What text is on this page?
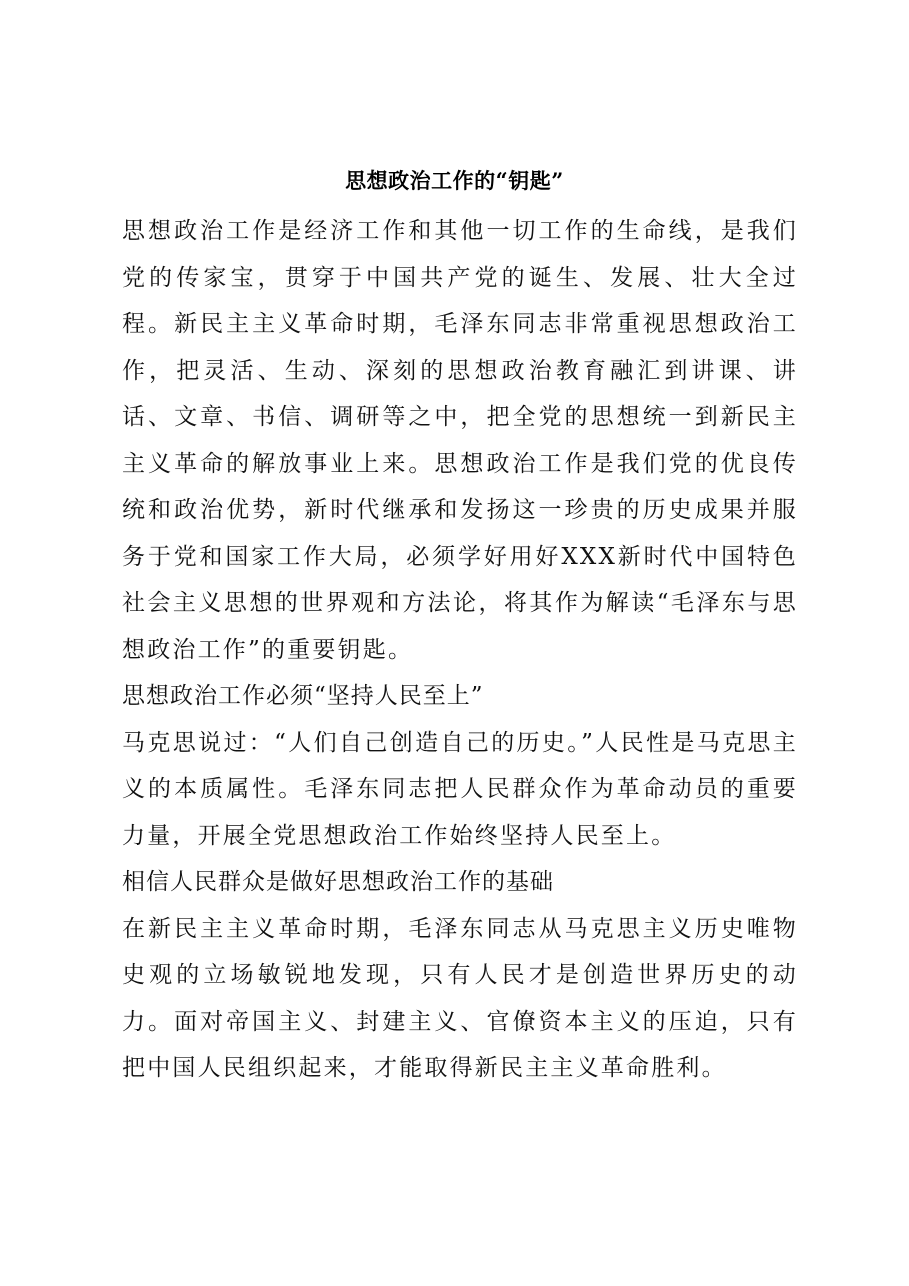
思想政治工作的“钥匙”

思想政治工作是经济工作和其他一切工作的生命线，是我们党的传家宝，贯穿于中国共产党的诞生、发展、壮大全过程。新民主主义革命时期，毛泽东同志非常重视思想政治工作，把灵活、生动、深刻的思想政治教育融汇到讲课、讲话、文章、书信、调研等之中，把全党的思想统一到新民主主义革命的解放事业上来。思想政治工作是我们党的优良传统和政治优势，新时代继承和发扬这一珍贵的历史成果并服务于党和国家工作大局，必须学好用好XXX新时代中国特色社会主义思想的世界观和方法论，将其作为解读“毛泽东与思想政治工作”的重要钥匙。

思想政治工作必须“坚持人民至上”

马克思说过：“人们自己创造自己的历史。”人民性是马克思主义的本质属性。毛泽东同志把人民群众作为革命动员的重要力量，开展全党思想政治工作始终坚持人民至上。

相信人民群众是做好思想政治工作的基础

在新民主主义革命时期，毛泽东同志从马克思主义历史唯物史观的立场敏锐地发现，只有人民才是创造世界历史的动力。面对帝国主义、封建主义、官僚资本主义的压迫，只有把中国人民组织起来，才能取得新民主主义革命胜利。
